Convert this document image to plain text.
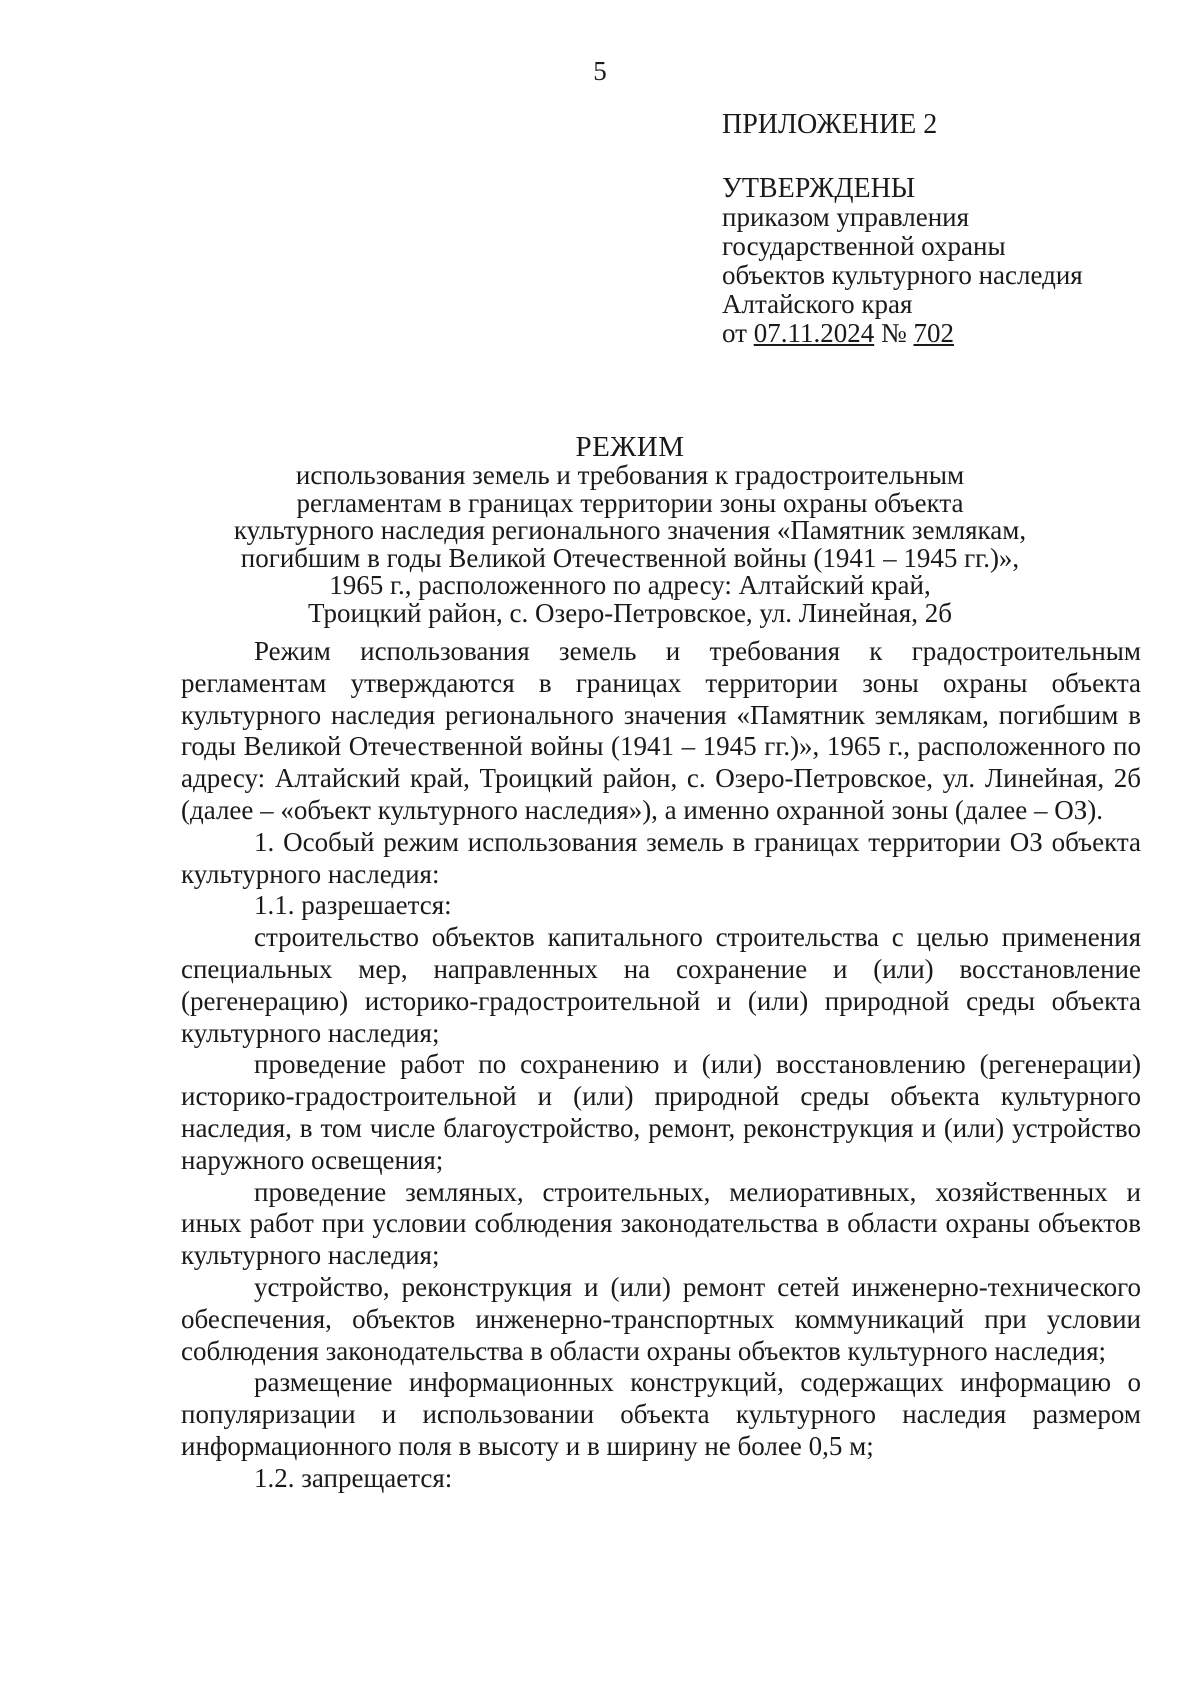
5
ПРИЛОЖЕНИЕ 2
УТВЕРЖДЕНЫ
приказом управления
государственной охраны
объектов культурного наследия
Алтайского края
от 07.11.2024 № 702
РЕЖИМ
использования земель и требования к градостроительным
регламентам в границах территории зоны охраны объекта
культурного наследия регионального значения «Памятник землякам,
погибшим в годы Великой Отечественной войны (1941 – 1945 гг.)»,
1965 г., расположенного по адресу: Алтайский край,
Троицкий район, с. Озеро-Петровское, ул. Линейная, 2б

Режим использования земель и требования к градостроительным регламентам утверждаются в границах территории зоны охраны объекта культурного наследия регионального значения «Памятник землякам, погибшим в годы Великой Отечественной войны (1941 – 1945 гг.)», 1965 г., расположенного по адресу: Алтайский край, Троицкий район, с. Озеро-Петровское, ул. Линейная, 2б (далее – «объект культурного наследия»), а именно охранной зоны (далее – ОЗ).

1. Особый режим использования земель в границах территории ОЗ объекта культурного наследия:

1.1. разрешается:

строительство объектов капитального строительства с целью применения специальных мер, направленных на сохранение и (или) восстановление (регенерацию) историко-градостроительной и (или) природной среды объекта культурного наследия;

проведение работ по сохранению и (или) восстановлению (регенерации) историко-градостроительной и (или) природной среды объекта культурного наследия, в том числе благоустройство, ремонт, реконструкция и (или) устройство наружного освещения;

проведение земляных, строительных, мелиоративных, хозяйственных и иных работ при условии соблюдения законодательства в области охраны объектов культурного наследия;

устройство, реконструкция и (или) ремонт сетей инженерно-технического обеспечения, объектов инженерно-транспортных коммуникаций при условии соблюдения законодательства в области охраны объектов культурного наследия;

размещение информационных конструкций, содержащих информацию о популяризации и использовании объекта культурного наследия размером информационного поля в высоту и в ширину не более 0,5 м;

1.2. запрещается:
